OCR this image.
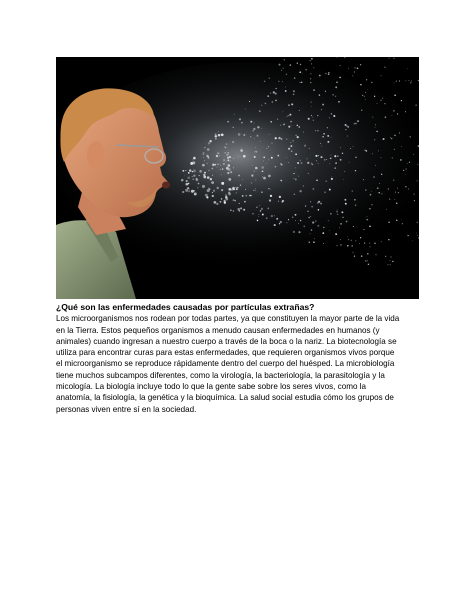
¿Qué son las enfermedades causadas por partículas extrañas?

Los microorganismos nos rodean por todas partes, ya que constituyen la mayor parte de la vida
en la Tierra. Estos pequeños organismos a menudo causan enfermedades en humanos (y
animales) cuando ingresan a nuestro cuerpo a través de la boca o la nariz. La biotecnología se
utiliza para encontrar curas para estas enfermedades, que requieren organismos vivos porque
el microorganismo se reproduce rápidamente dentro del cuerpo del huésped. La microbiología
tiene muchos subcampos diferentes, como la virología, la bacteriología, la parasitología y la
micología. La biología incluye todo lo que la gente sabe sobre los seres vivos, como la
anatomía, la fisiología, la genética y la bioquímica. La salud social estudia cómo los grupos de
personas viven entre sí en la sociedad.
